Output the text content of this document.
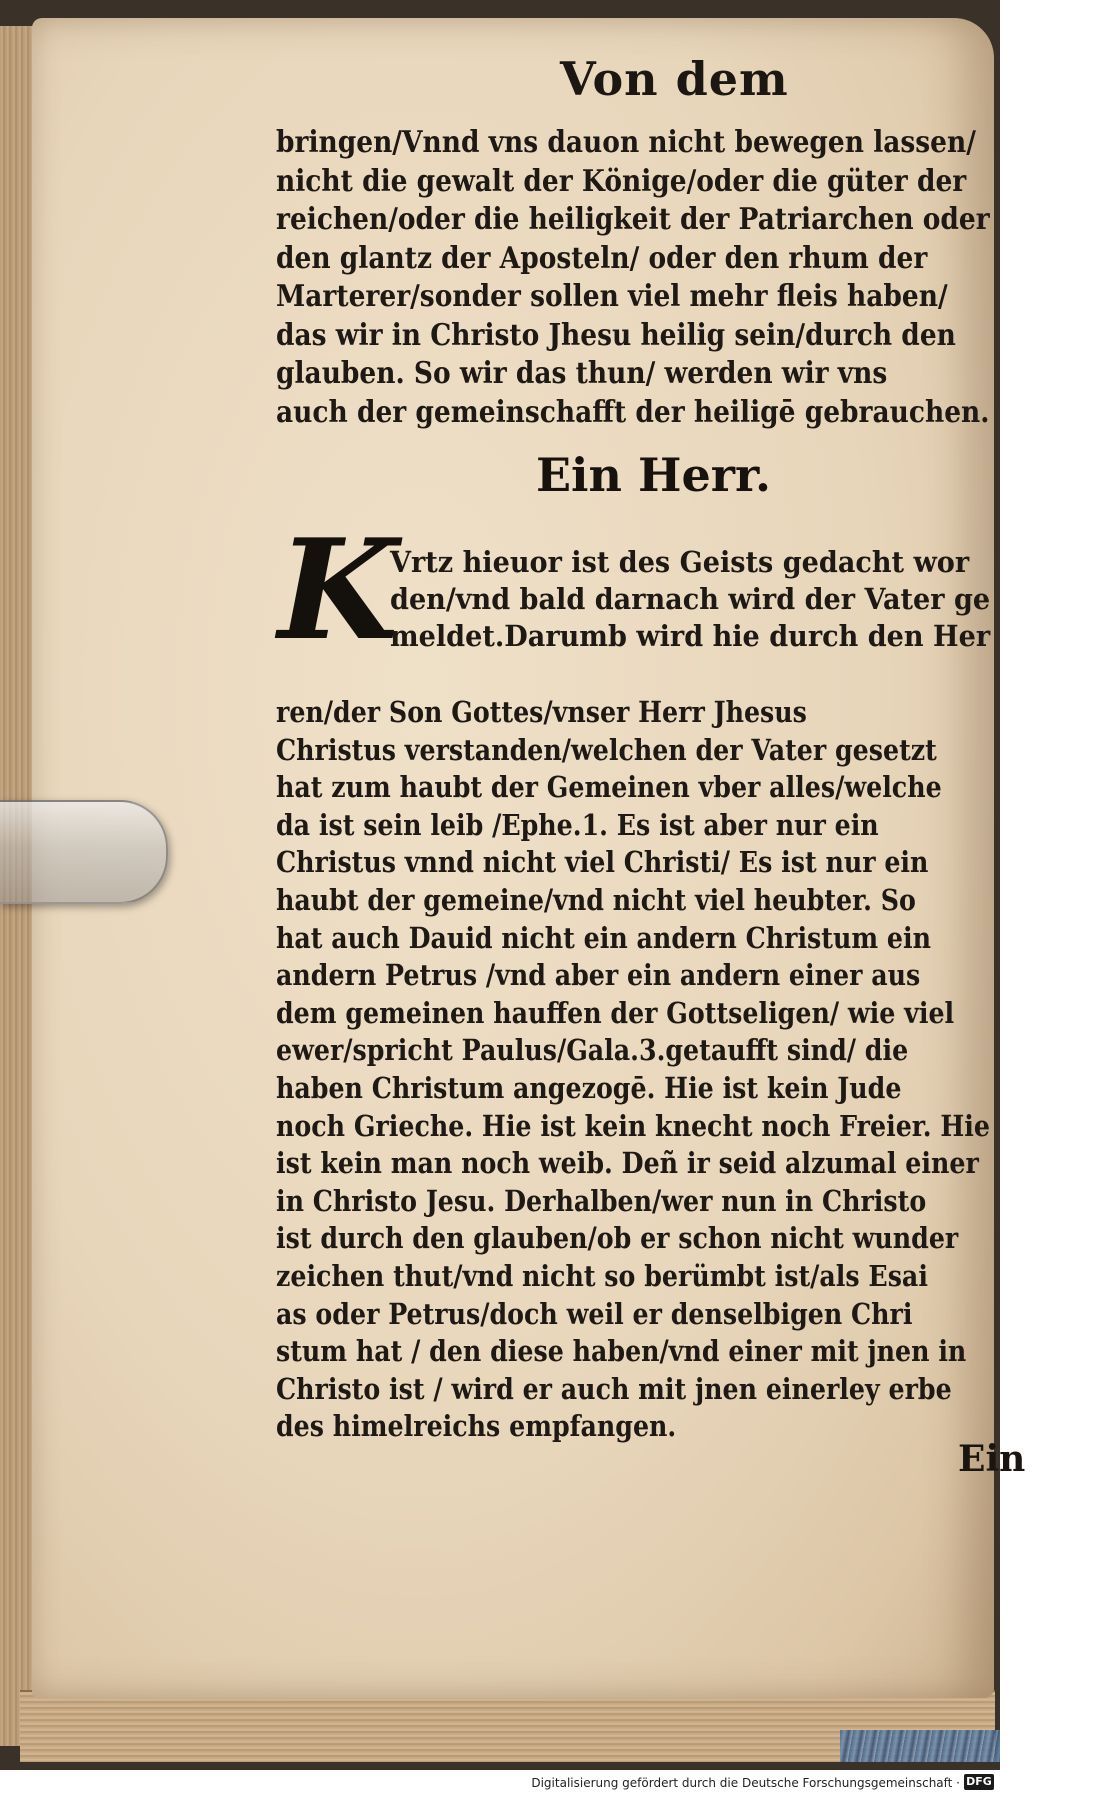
Von dem
bringen/Vnnd vns dauon nicht bewegen lassen/
nicht die gewalt der Könige/oder die güter der
reichen/oder die heiligkeit der Patriarchen oder
den glantz der Aposteln/ oder den rhum der
Marterer/sonder sollen viel mehr fleis haben/
das wir in Christo Jhesu heilig sein/durch den
glauben. So wir das thun/ werden wir vns
auch der gemeinschafft der heiligē gebrauchen.
Ein Herr.
K
Vrtz hieuor ist des Geists gedacht wor
den/vnd bald darnach wird der Vater ge
meldet.Darumb wird hie durch den Her
ren/der Son Gottes/vnser Herr Jhesus
Christus verstanden/welchen der Vater gesetzt
hat zum haubt der Gemeinen vber alles/welche
da ist sein leib /Ephe.1. Es ist aber nur ein
Christus vnnd nicht viel Christi/ Es ist nur ein
haubt der gemeine/vnd nicht viel heubter. So
hat auch Dauid nicht ein andern Christum ein
andern Petrus /vnd aber ein andern einer aus
dem gemeinen hauffen der Gottseligen/ wie viel
ewer/spricht Paulus/Gala.3.getaufft sind/ die
haben Christum angezogē. Hie ist kein Jude
noch Grieche. Hie ist kein knecht noch Freier. Hie
ist kein man noch weib. Deñ ir seid alzumal einer
in Christo Jesu. Derhalben/wer nun in Christo
ist durch den glauben/ob er schon nicht wunder
zeichen thut/vnd nicht so berümbt ist/als Esai
as oder Petrus/doch weil er denselbigen Chri
stum hat / den diese haben/vnd einer mit jnen in
Christo ist / wird er auch mit jnen einerley erbe
des himelreichs empfangen.
Ein
Digitalisierung gefördert durch die Deutsche Forschungsgemeinschaft · DFG
